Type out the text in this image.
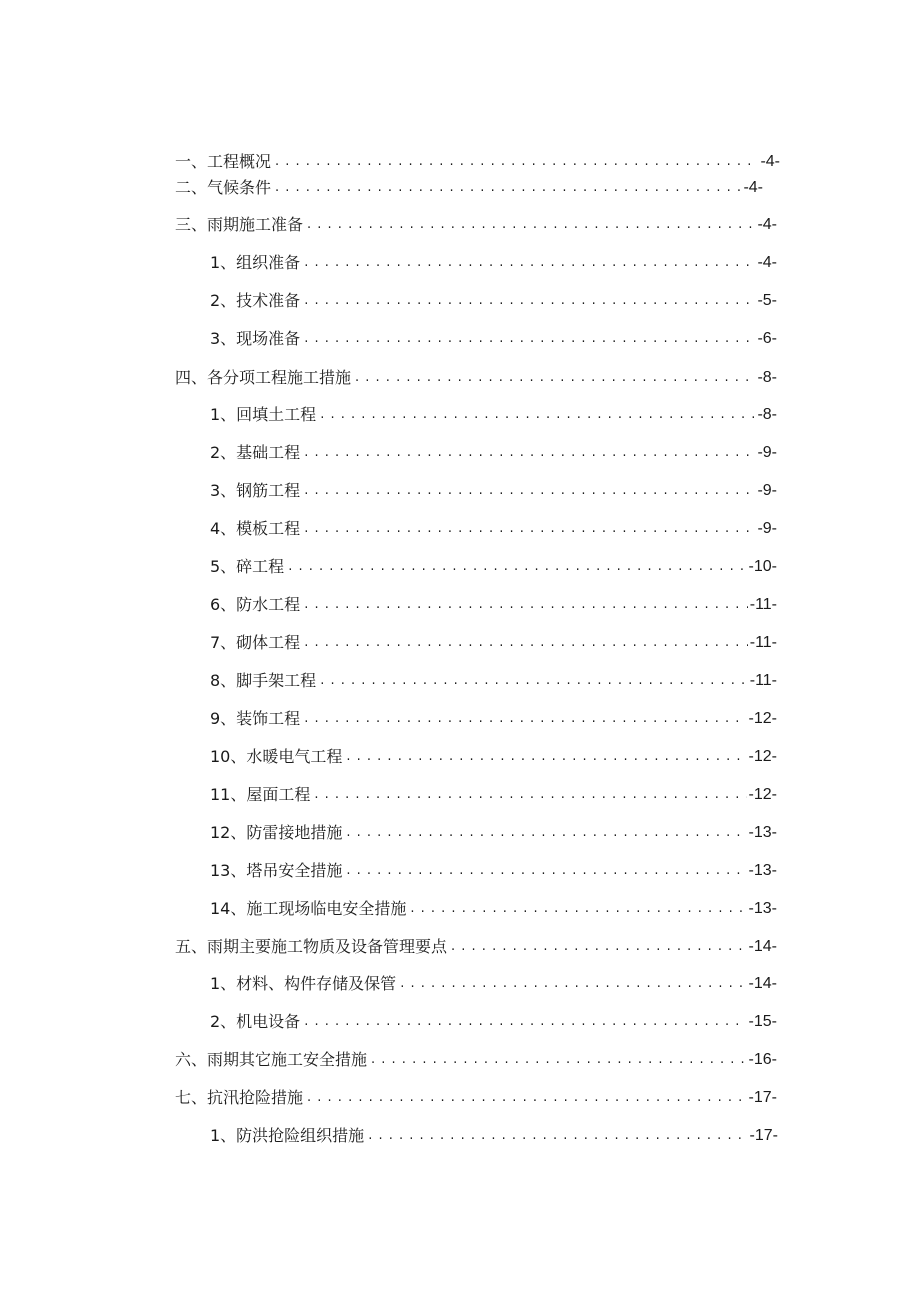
一、工程概况 . . .	-4-
二、气候条件 . . .	-4-
三、雨期施工准备 . . .	-4-
1、组织准备 . . .	-4-
2、技术准备 . . .	-5-
3、现场准备 . . .	-6-
四、各分项工程施工措施 . . .	-8-
1、回填土工程 . . .	-8-
2、基础工程 . . .	-9-
3、钢筋工程 . . .	-9-
4、模板工程 . . .	-9-
5、碎工程 . . .	-10-
6、防水工程 . . .	-11-
7、砌体工程 . . .	-11-
8、脚手架工程 . . .	-11-
9、装饰工程 . . .	-12-
10、水暖电气工程 . . .	-12-
11、屋面工程 . . .	-12-
12、防雷接地措施 . . .	-13-
13、塔吊安全措施 . . .	-13-
14、施工现场临电安全措施 . . .	-13-
五、雨期主要施工物质及设备管理要点 . . .	-14-
1、材料、构件存储及保管 . . .	-14-
2、机电设备 . . .	-15-
六、雨期其它施工安全措施 . . .	-16-
七、抗汛抢险措施 . . .	-17-
1、防洪抢险组织措施 . . .	-17-
